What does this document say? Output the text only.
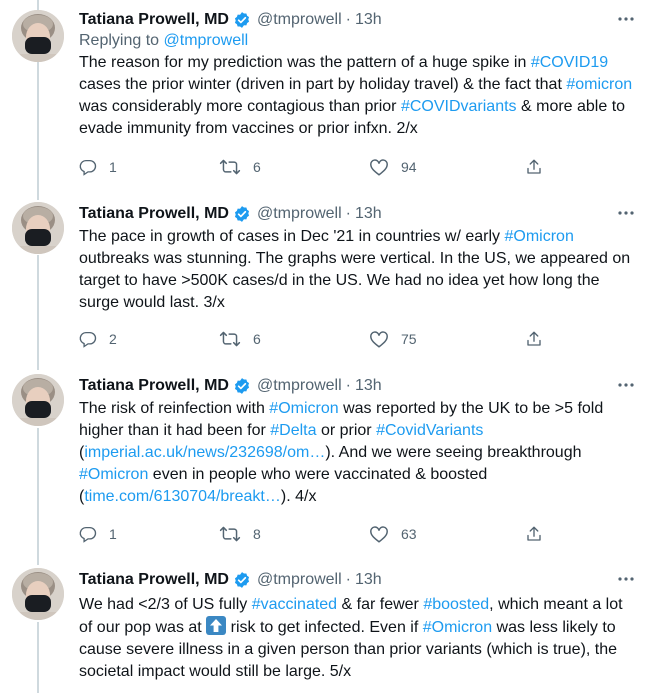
Tatiana Prowell, MD @tmprowell · 13h
Replying to @tmprowell
The reason for my prediction was the pattern of a huge spike in #COVID19 cases the prior winter (driven in part by holiday travel) & the fact that #omicron was considerably more contagious than prior #COVIDvariants & more able to evade immunity from vaccines or prior infxn. 2/x
1	6	94
Tatiana Prowell, MD @tmprowell · 13h
The pace in growth of cases in Dec '21 in countries w/ early #Omicron outbreaks was stunning. The graphs were vertical. In the US, we appeared on target to have >500K cases/d in the US. We had no idea yet how long the surge would last. 3/x
2	6	75
Tatiana Prowell, MD @tmprowell · 13h
The risk of reinfection with #Omicron was reported by the UK to be >5 fold higher than it had been for #Delta or prior #CovidVariants (imperial.ac.uk/news/232698/om…). And we were seeing breakthrough #Omicron even in people who were vaccinated & boosted (time.com/6130704/breakt…). 4/x
1	8	63
Tatiana Prowell, MD @tmprowell · 13h
We had <2/3 of US fully #vaccinated & far fewer #boosted, which meant a lot of our pop was at
risk to get infected. Even if #Omicron was less likely to cause severe illness in a given person than prior variants (which is true), the societal impact would still be large. 5/x
